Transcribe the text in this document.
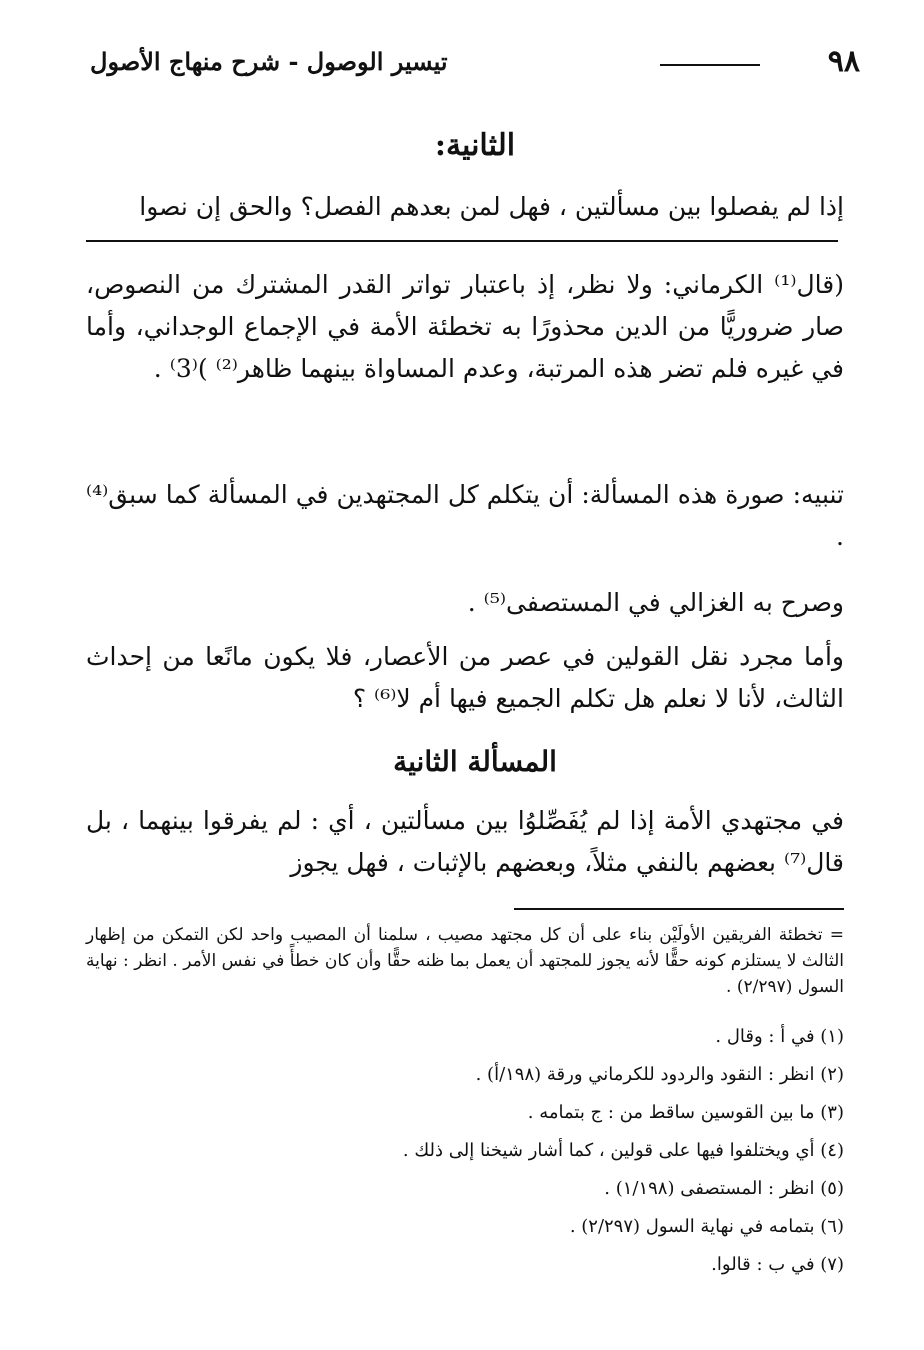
٩٨
تيسير الوصول - شرح منهاج الأصول
الثانية:
إذا لم يفصلوا بين مسألتين ، فهل لمن بعدهم الفصل؟ والحق إن نصوا
(قال⁽¹⁾ الكرماني: ولا نظر، إذ باعتبار تواتر القدر المشترك من النصوص، صار ضروريًّا من الدين محذورًا به تخطئة الأمة في الإجماع الوجداني، وأما في غيره فلم تضر هذه المرتبة، وعدم المساواة بينهما ظاهر⁽²⁾ )⁽3⁾ .
تنبيه: صورة هذه المسألة: أن يتكلم كل المجتهدين في المسألة كما سبق⁽⁴⁾ .
وصرح به الغزالي في المستصفى⁽⁵⁾ .
وأما مجرد نقل القولين في عصر من الأعصار، فلا يكون مانًعا من إحداث الثالث، لأنا لا نعلم هل تكلم الجميع فيها أم لا⁽⁶⁾ ؟
المسألة الثانية
في مجتهدي الأمة إذا لم يُفَصِّلوُا بين مسألتين ، أي : لم يفرقوا بينهما ، بل قال⁽⁷⁾ بعضهم بالنفي مثلاً، وبعضهم بالإثبات ، فهل يجوز
= تخطئة الفريقين الأولَيْن بناء على أن كل مجتهد مصيب ، سلمنا أن المصيب واحد لكن التمكن من إظهار الثالث لا يستلزم كونه حقًّا لأنه يجوز للمجتهد أن يعمل بما ظنه حقًّا وأن كان خطأً في نفس الأمر . انظر : نهاية السول (٢/٢٩٧) .
(١) في أ : وقال .
(٢) انظر : النقود والردود للكرماني ورقة (١٩٨/أ) .
(٣) ما بين القوسين ساقط من : ج بتمامه .
(٤) أي ويختلفوا فيها على قولين ، كما أشار شيخنا إلى ذلك .
(٥) انظر : المستصفى (١/١٩٨) .
(٦) بتمامه في نهاية السول (٢/٢٩٧) .
(٧) في ب : قالوا.
